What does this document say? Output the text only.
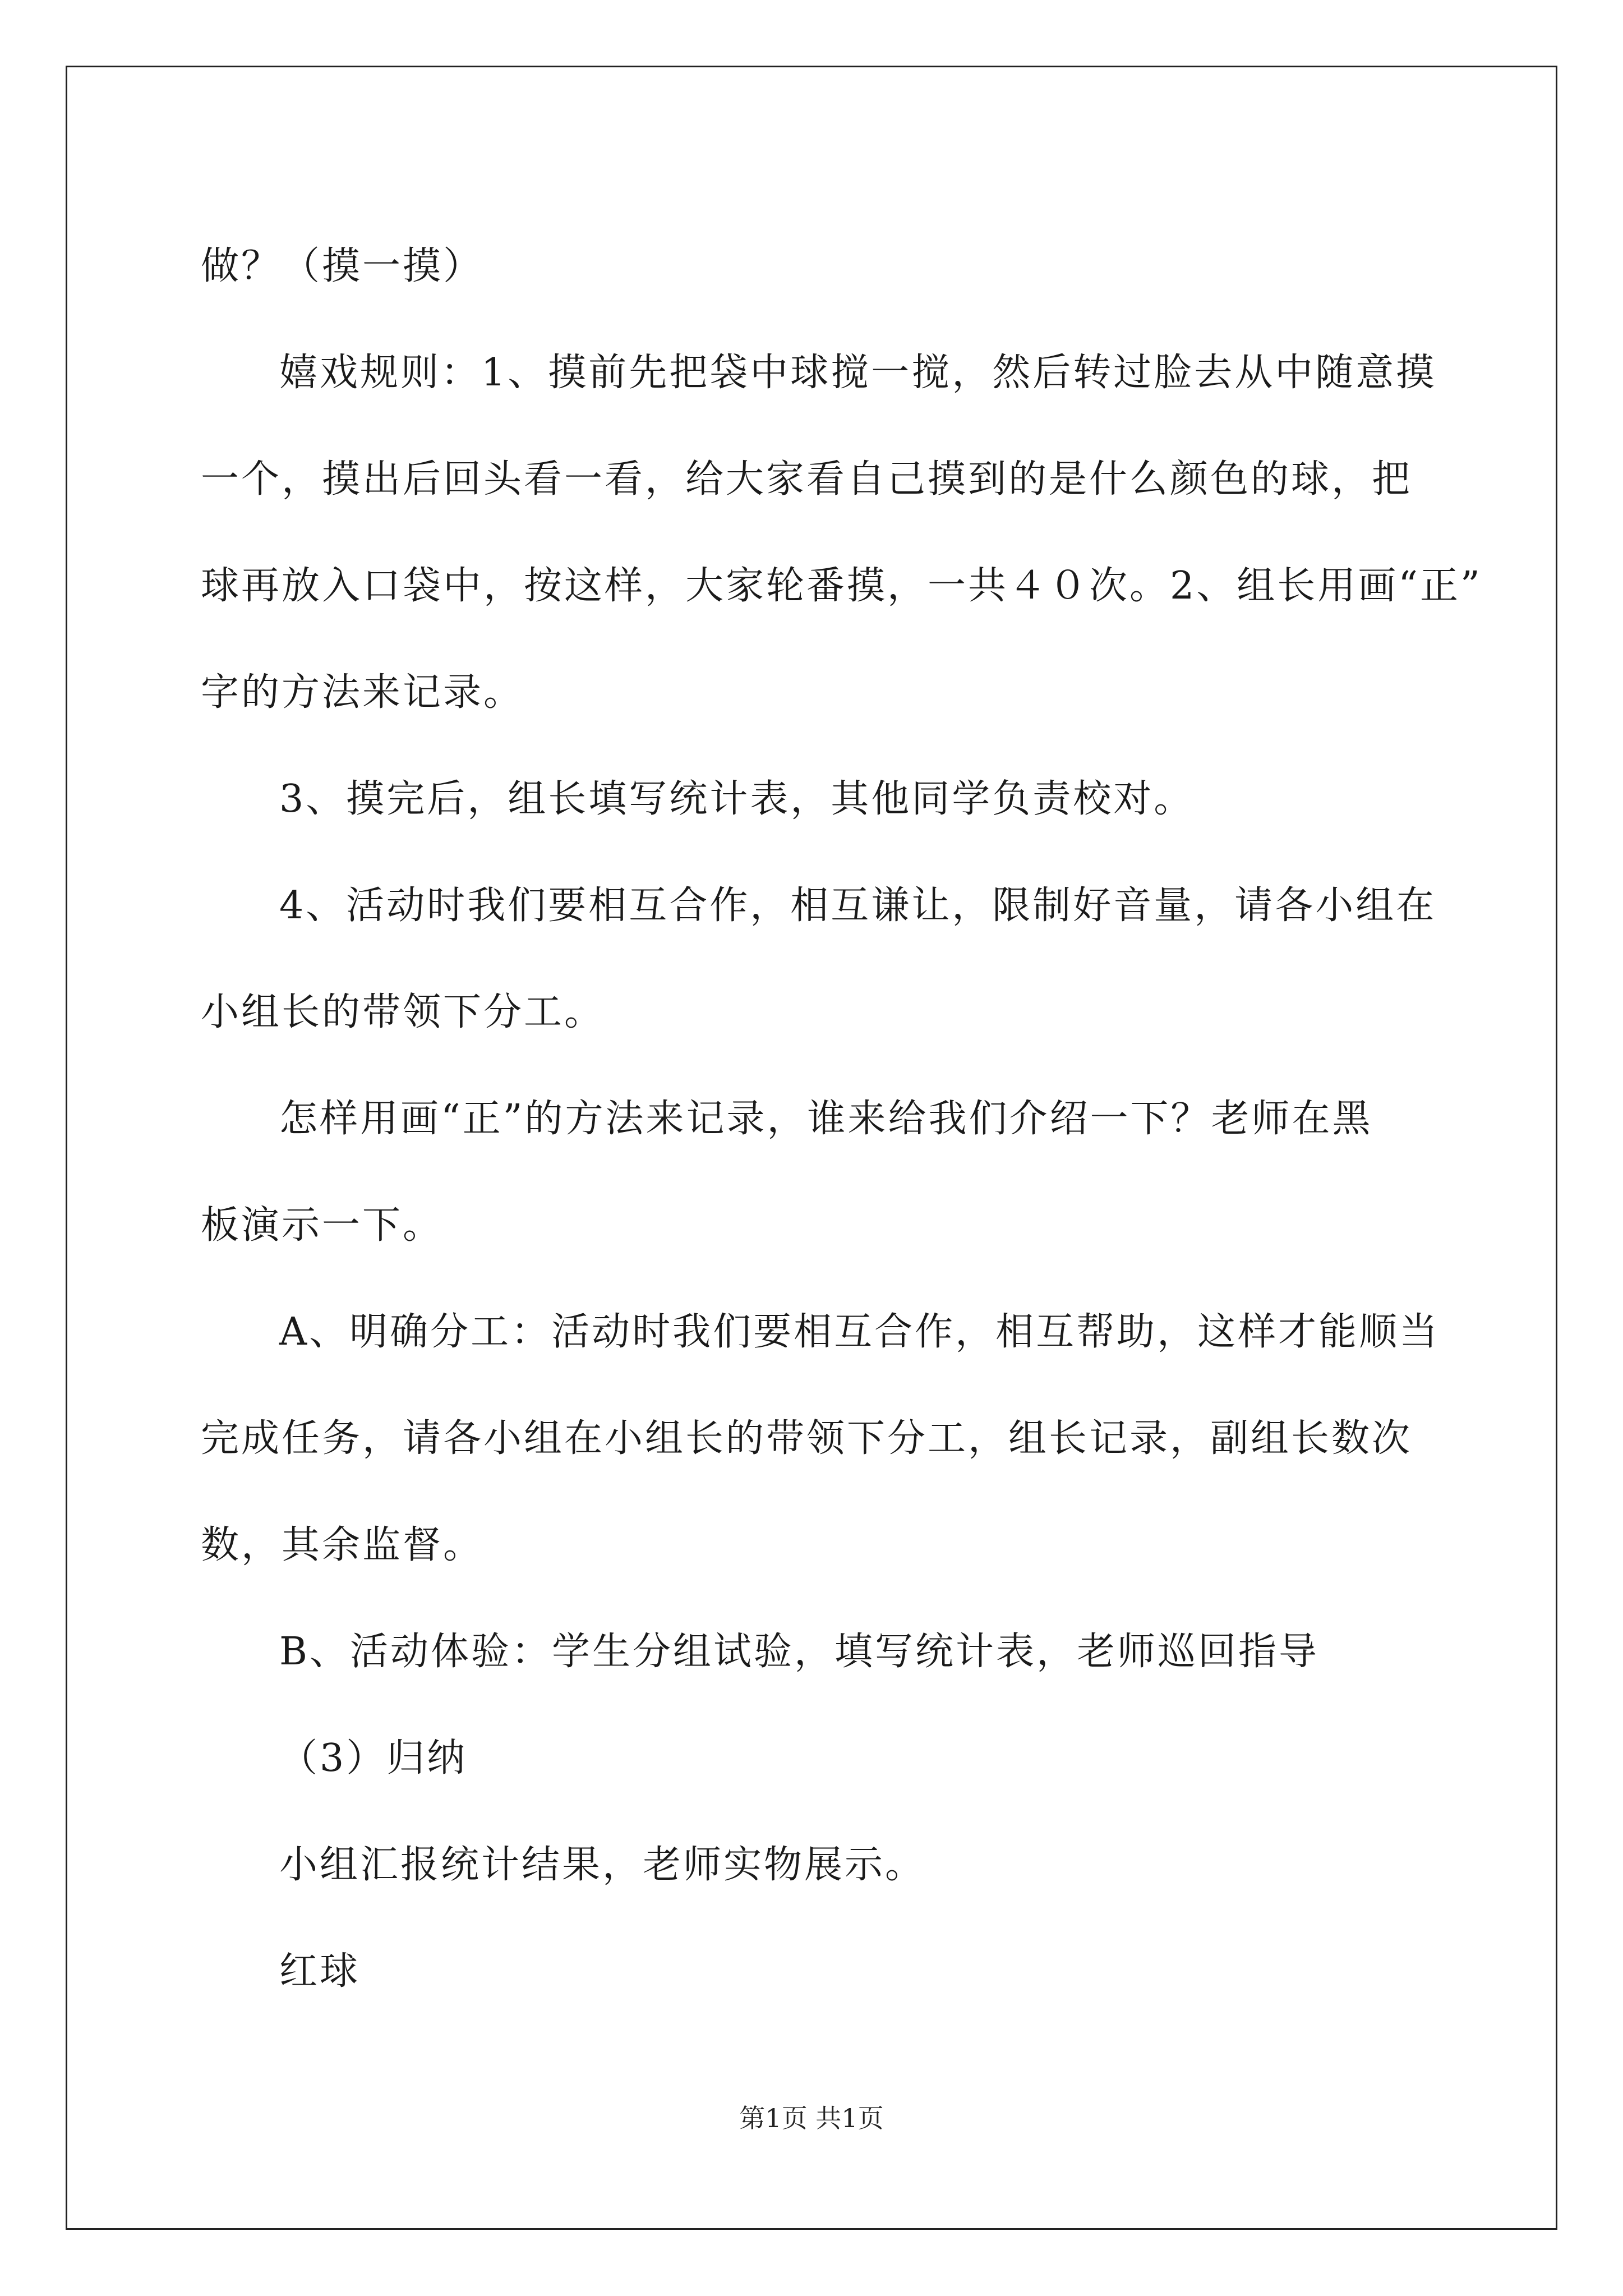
做？（摸一摸）

嬉戏规则：1、摸前先把袋中球搅一搅，然后转过脸去从中随意摸

一个，摸出后回头看一看，给大家看自己摸到的是什么颜色的球，把

球再放入口袋中，按这样，大家轮番摸，一共４０次。2、组长用画“正”

字的方法来记录。

3、摸完后，组长填写统计表，其他同学负责校对。

4、活动时我们要相互合作，相互谦让，限制好音量，请各小组在

小组长的带领下分工。

怎样用画“正”的方法来记录，谁来给我们介绍一下？老师在黑

板演示一下。

A、明确分工：活动时我们要相互合作，相互帮助，这样才能顺当

完成任务，请各小组在小组长的带领下分工，组长记录，副组长数次

数，其余监督。

B、活动体验：学生分组试验，填写统计表，老师巡回指导

（3）归纳

小组汇报统计结果，老师实物展示。

红球

第1页 共1页
